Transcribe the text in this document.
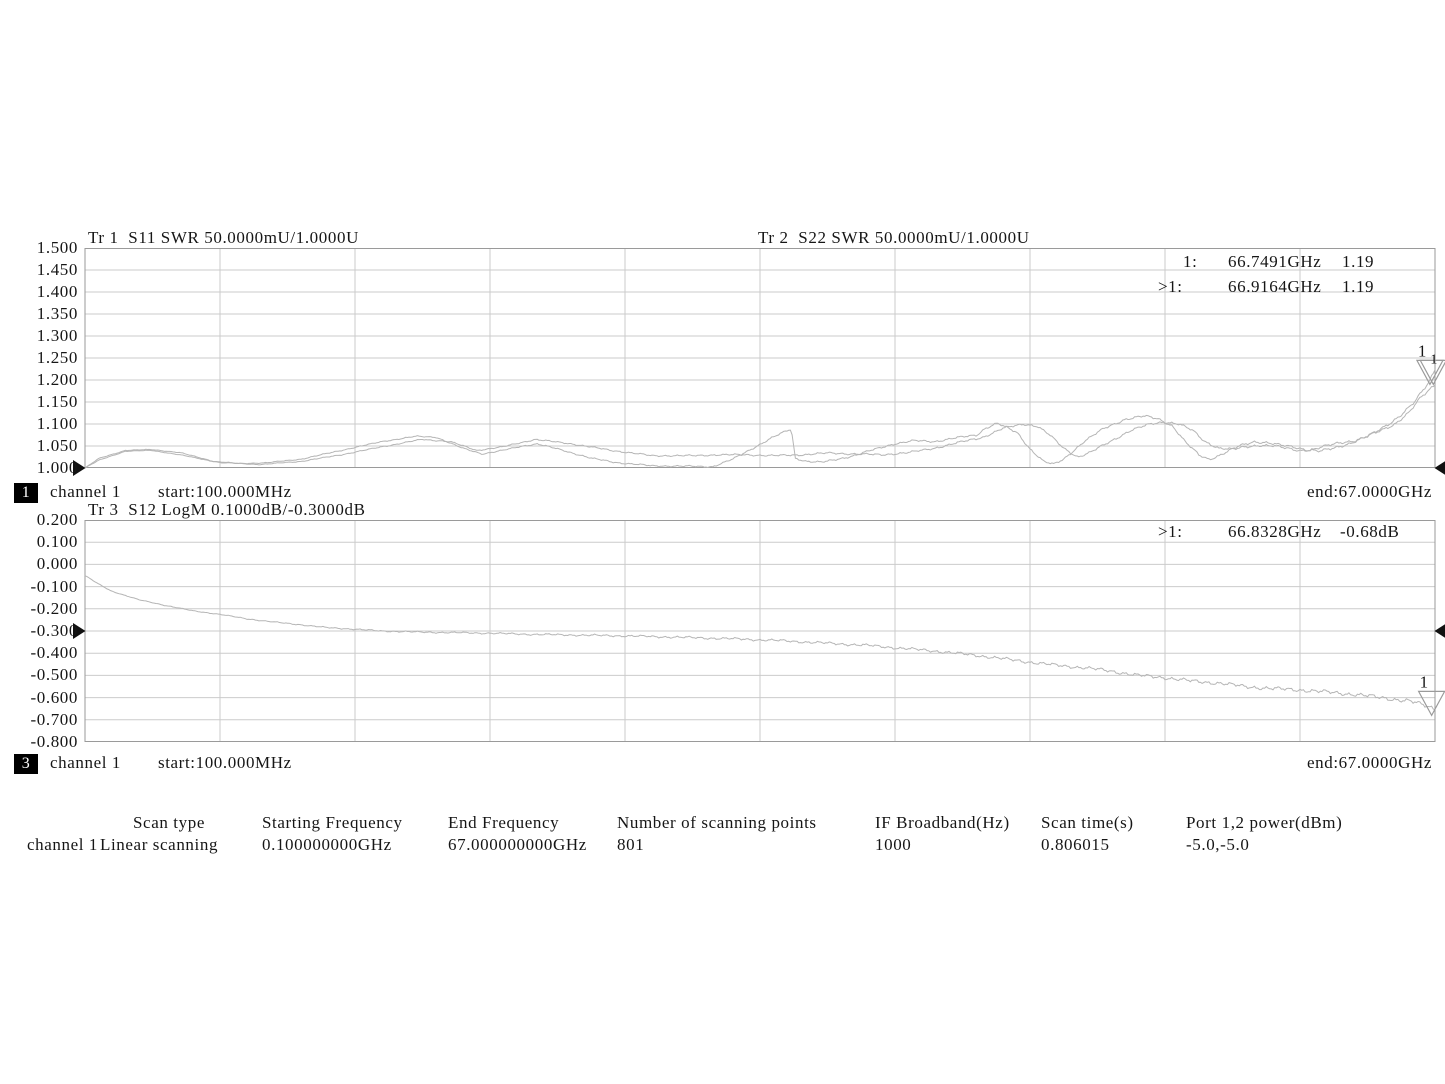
1 1
1
1.500
1.450
1.400
1.350
1.300
1.250
1.200
1.150
1.100
1.050
1.000
0.200
0.100
0.000
-0.100
-0.200
-0.300
-0.400
-0.500
-0.600
-0.700
-0.800
Tr 1  S11 SWR 50.0000mU/1.0000U	Tr 2  S22 SWR 50.0000mU/1.0000U
1: 66.7491GHz 1.19
>1:	66.9164GHz 1.19
1	channel 1 start:100.000MHz	end:67.0000GHz
Tr 3  S12 LogM 0.1000dB/-0.3000dB
>1:	66.8328GHz -0.68dB
3	channel 1 start:100.000MHz	end:67.0000GHz
Scan type	Starting Frequency	End Frequency	Number of scanning points	IF Broadband(Hz) Scan time(s)	Port 1,2 power(dBm)
channel 1 Linear scanning	0.100000000GHz	67.000000000GHz 801	1000	0.806015	-5.0,-5.0
